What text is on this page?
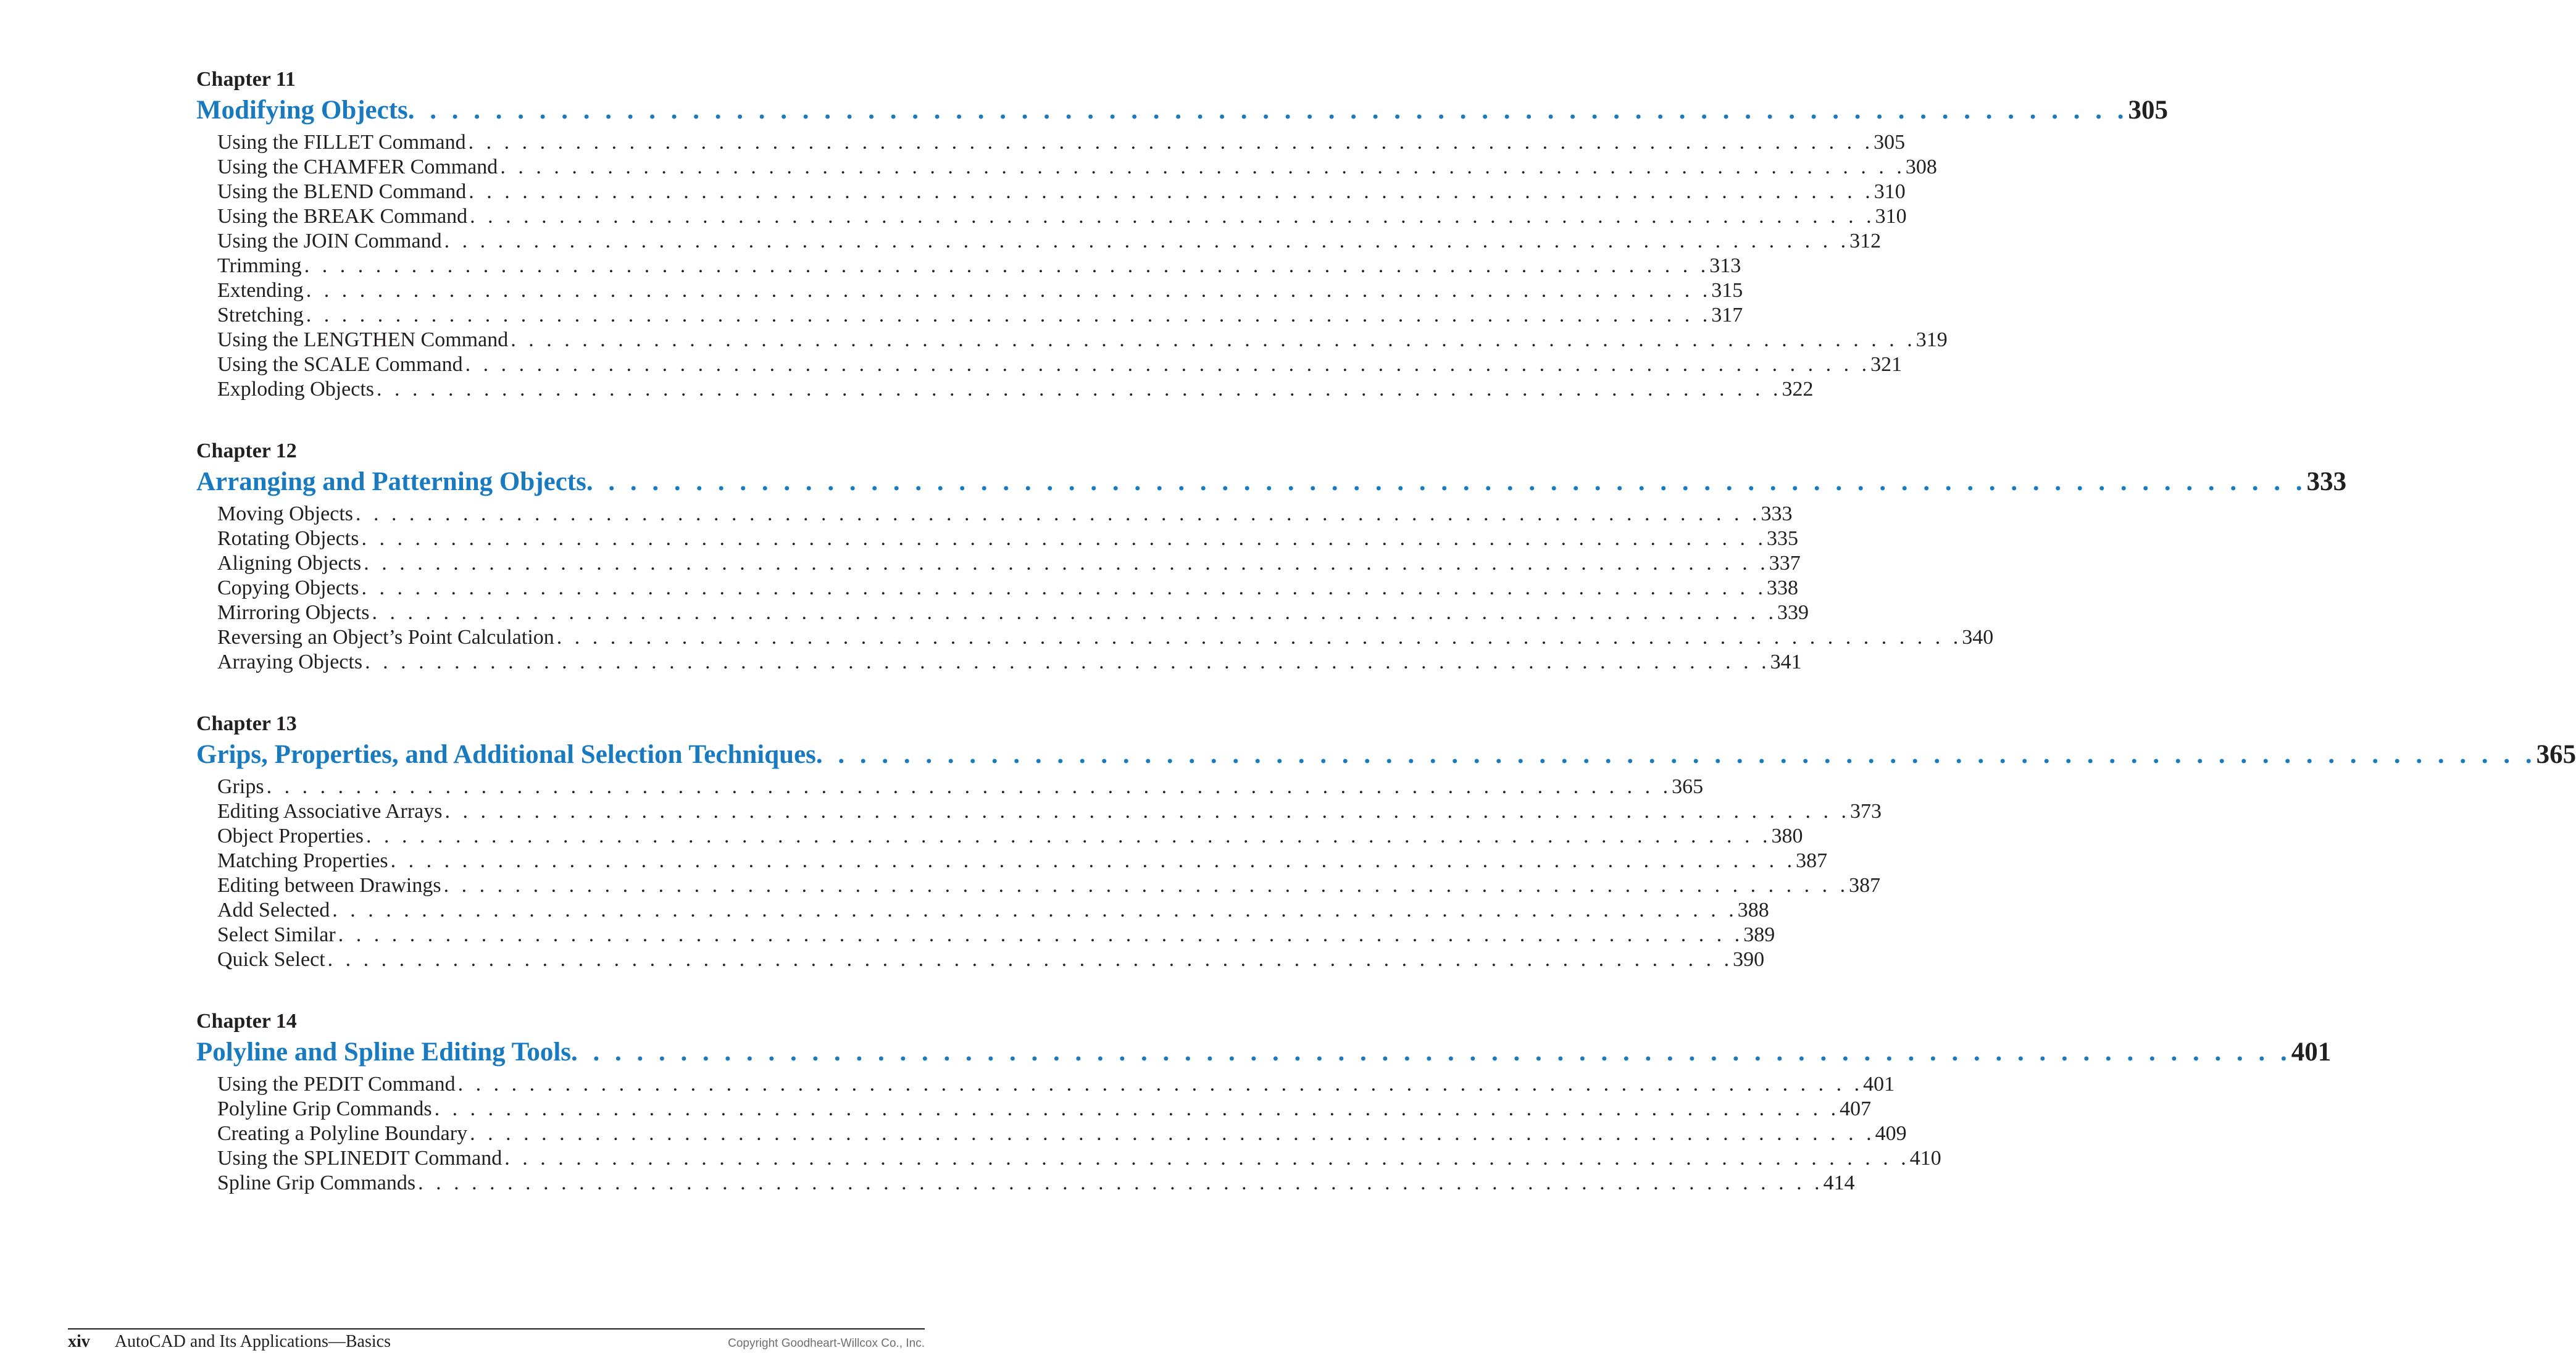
Chapter 11
Modifying Objects . . . . . . . . . . . . . . . . . . . . . . . . . . . . . . . . . . . . . . . . . . . . . . . . . . . . . . . . . . . . . . . . . . . . . . . . . . . . . . . 305
Using the FILLET Command . . . . . . . . . . . . . . . . . . . . . . . . . . . . . . . . . . . . . . . . . . . . . . . . . . . . . . . . . . . . . . . . . . . . . . . . . . . . . . . 305
Using the CHAMFER Command . . . . . . . . . . . . . . . . . . . . . . . . . . . . . . . . . . . . . . . . . . . . . . . . . . . . . . . . . . . . . . . . . . . . . . . . . . . . . . . 308
Using the BLEND Command . . . . . . . . . . . . . . . . . . . . . . . . . . . . . . . . . . . . . . . . . . . . . . . . . . . . . . . . . . . . . . . . . . . . . . . . . . . . . . . 310
Using the BREAK Command . . . . . . . . . . . . . . . . . . . . . . . . . . . . . . . . . . . . . . . . . . . . . . . . . . . . . . . . . . . . . . . . . . . . . . . . . . . . . . . 310
Using the JOIN Command . . . . . . . . . . . . . . . . . . . . . . . . . . . . . . . . . . . . . . . . . . . . . . . . . . . . . . . . . . . . . . . . . . . . . . . . . . . . . . . 312
Trimming . . . . . . . . . . . . . . . . . . . . . . . . . . . . . . . . . . . . . . . . . . . . . . . . . . . . . . . . . . . . . . . . . . . . . . . . . . . . . . . 313
Extending . . . . . . . . . . . . . . . . . . . . . . . . . . . . . . . . . . . . . . . . . . . . . . . . . . . . . . . . . . . . . . . . . . . . . . . . . . . . . . . 315
Stretching . . . . . . . . . . . . . . . . . . . . . . . . . . . . . . . . . . . . . . . . . . . . . . . . . . . . . . . . . . . . . . . . . . . . . . . . . . . . . . . 317
Using the LENGTHEN Command . . . . . . . . . . . . . . . . . . . . . . . . . . . . . . . . . . . . . . . . . . . . . . . . . . . . . . . . . . . . . . . . . . . . . . . . . . . . . . . 319
Using the SCALE Command . . . . . . . . . . . . . . . . . . . . . . . . . . . . . . . . . . . . . . . . . . . . . . . . . . . . . . . . . . . . . . . . . . . . . . . . . . . . . . . 321
Exploding Objects . . . . . . . . . . . . . . . . . . . . . . . . . . . . . . . . . . . . . . . . . . . . . . . . . . . . . . . . . . . . . . . . . . . . . . . . . . . . . . . 322
Chapter 12
Arranging and Patterning Objects . . . . . . . . . . . . . . . . . . . . . . . . . . . . . . . . . . . . . . . . . . . . . . . . . . . . . . . . . . . . . . . . . . . . . . . . . . . . . . . 333
Moving Objects . . . . . . . . . . . . . . . . . . . . . . . . . . . . . . . . . . . . . . . . . . . . . . . . . . . . . . . . . . . . . . . . . . . . . . . . . . . . . . . 333
Rotating Objects . . . . . . . . . . . . . . . . . . . . . . . . . . . . . . . . . . . . . . . . . . . . . . . . . . . . . . . . . . . . . . . . . . . . . . . . . . . . . . . 335
Aligning Objects . . . . . . . . . . . . . . . . . . . . . . . . . . . . . . . . . . . . . . . . . . . . . . . . . . . . . . . . . . . . . . . . . . . . . . . . . . . . . . . 337
Copying Objects . . . . . . . . . . . . . . . . . . . . . . . . . . . . . . . . . . . . . . . . . . . . . . . . . . . . . . . . . . . . . . . . . . . . . . . . . . . . . . . 338
Mirroring Objects . . . . . . . . . . . . . . . . . . . . . . . . . . . . . . . . . . . . . . . . . . . . . . . . . . . . . . . . . . . . . . . . . . . . . . . . . . . . . . . 339
Reversing an Object’s Point Calculation . . . . . . . . . . . . . . . . . . . . . . . . . . . . . . . . . . . . . . . . . . . . . . . . . . . . . . . . . . . . . . . . . . . . . . . . . . . . . . . 340
Arraying Objects . . . . . . . . . . . . . . . . . . . . . . . . . . . . . . . . . . . . . . . . . . . . . . . . . . . . . . . . . . . . . . . . . . . . . . . . . . . . . . . 341
Chapter 13
Grips, Properties, and Additional Selection Techniques . . . . . . . . . . . . . . . . . . . . . . . . . . . . . . . . . . . . . . . . . . . . . . . . . . . . . . . . . . . . . . . . . . . . . . . . . . . . . . . 365
Grips . . . . . . . . . . . . . . . . . . . . . . . . . . . . . . . . . . . . . . . . . . . . . . . . . . . . . . . . . . . . . . . . . . . . . . . . . . . . . . . 365
Editing Associative Arrays . . . . . . . . . . . . . . . . . . . . . . . . . . . . . . . . . . . . . . . . . . . . . . . . . . . . . . . . . . . . . . . . . . . . . . . . . . . . . . . 373
Object Properties . . . . . . . . . . . . . . . . . . . . . . . . . . . . . . . . . . . . . . . . . . . . . . . . . . . . . . . . . . . . . . . . . . . . . . . . . . . . . . . 380
Matching Properties . . . . . . . . . . . . . . . . . . . . . . . . . . . . . . . . . . . . . . . . . . . . . . . . . . . . . . . . . . . . . . . . . . . . . . . . . . . . . . . 387
Editing between Drawings . . . . . . . . . . . . . . . . . . . . . . . . . . . . . . . . . . . . . . . . . . . . . . . . . . . . . . . . . . . . . . . . . . . . . . . . . . . . . . . 387
Add Selected . . . . . . . . . . . . . . . . . . . . . . . . . . . . . . . . . . . . . . . . . . . . . . . . . . . . . . . . . . . . . . . . . . . . . . . . . . . . . . . 388
Select Similar . . . . . . . . . . . . . . . . . . . . . . . . . . . . . . . . . . . . . . . . . . . . . . . . . . . . . . . . . . . . . . . . . . . . . . . . . . . . . . . 389
Quick Select . . . . . . . . . . . . . . . . . . . . . . . . . . . . . . . . . . . . . . . . . . . . . . . . . . . . . . . . . . . . . . . . . . . . . . . . . . . . . . . 390
Chapter 14
Polyline and Spline Editing Tools . . . . . . . . . . . . . . . . . . . . . . . . . . . . . . . . . . . . . . . . . . . . . . . . . . . . . . . . . . . . . . . . . . . . . . . . . . . . . . . 401
Using the PEDIT Command . . . . . . . . . . . . . . . . . . . . . . . . . . . . . . . . . . . . . . . . . . . . . . . . . . . . . . . . . . . . . . . . . . . . . . . . . . . . . . . 401
Polyline Grip Commands . . . . . . . . . . . . . . . . . . . . . . . . . . . . . . . . . . . . . . . . . . . . . . . . . . . . . . . . . . . . . . . . . . . . . . . . . . . . . . . 407
Creating a Polyline Boundary . . . . . . . . . . . . . . . . . . . . . . . . . . . . . . . . . . . . . . . . . . . . . . . . . . . . . . . . . . . . . . . . . . . . . . . . . . . . . . . 409
Using the SPLINEDIT Command . . . . . . . . . . . . . . . . . . . . . . . . . . . . . . . . . . . . . . . . . . . . . . . . . . . . . . . . . . . . . . . . . . . . . . . . . . . . . . . 410
Spline Grip Commands . . . . . . . . . . . . . . . . . . . . . . . . . . . . . . . . . . . . . . . . . . . . . . . . . . . . . . . . . . . . . . . . . . . . . . . . . . . . . . . 414
xiv AutoCAD and Its Applications—Basics	Copyright Goodheart-Willcox Co., Inc.
